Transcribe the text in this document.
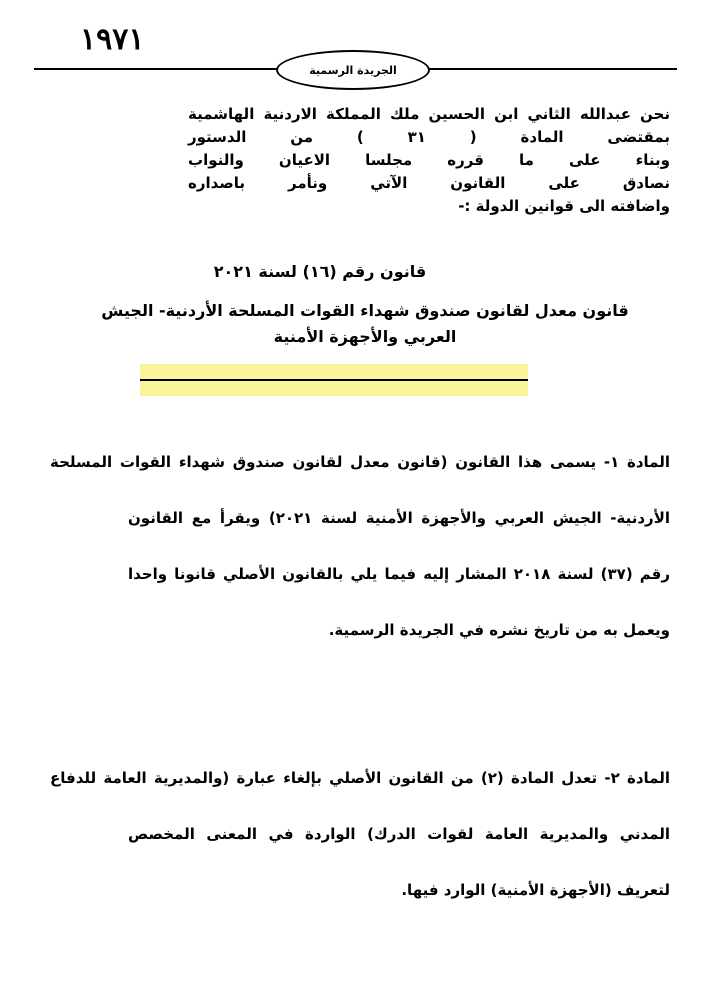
١٩٧١
الجريدة الرسمية
نحن عبدالله الثاني ابن الحسين ملك المملكة الاردنية الهاشمية
بمقتضى المادة ( ٣١ ) من الدستور
وبناء على ما قرره مجلسا الاعيان والنواب
نصادق على القانون الآتي ونأمر باصداره
واضافته الى قوانين الدولة :-
قانون رقم (١٦) لسنة ٢٠٢١
قانون معدل لقانون صندوق شهداء القوات المسلحة الأردنية- الجيش
العربي والأجهزة الأمنية
المادة ١- يسمى هذا القانون (قانون معدل لقانون صندوق شهداء القوات المسلحة
الأردنية- الجيش العربي والأجهزة الأمنية لسنة ٢٠٢١) ويقرأ مع القانون
رقم (٣٧) لسنة ٢٠١٨ المشار إليه فيما يلي بالقانون الأصلي قانونا واحدا
ويعمل به من تاريخ نشره في الجريدة الرسمية.
المادة ٢- تعدل المادة (٢) من القانون الأصلي بإلغاء عبارة (والمديرية العامة للدفاع
المدني والمديرية العامة لقوات الدرك) الواردة في المعنى المخصص
لتعريف (الأجهزة الأمنية) الوارد فيها.
